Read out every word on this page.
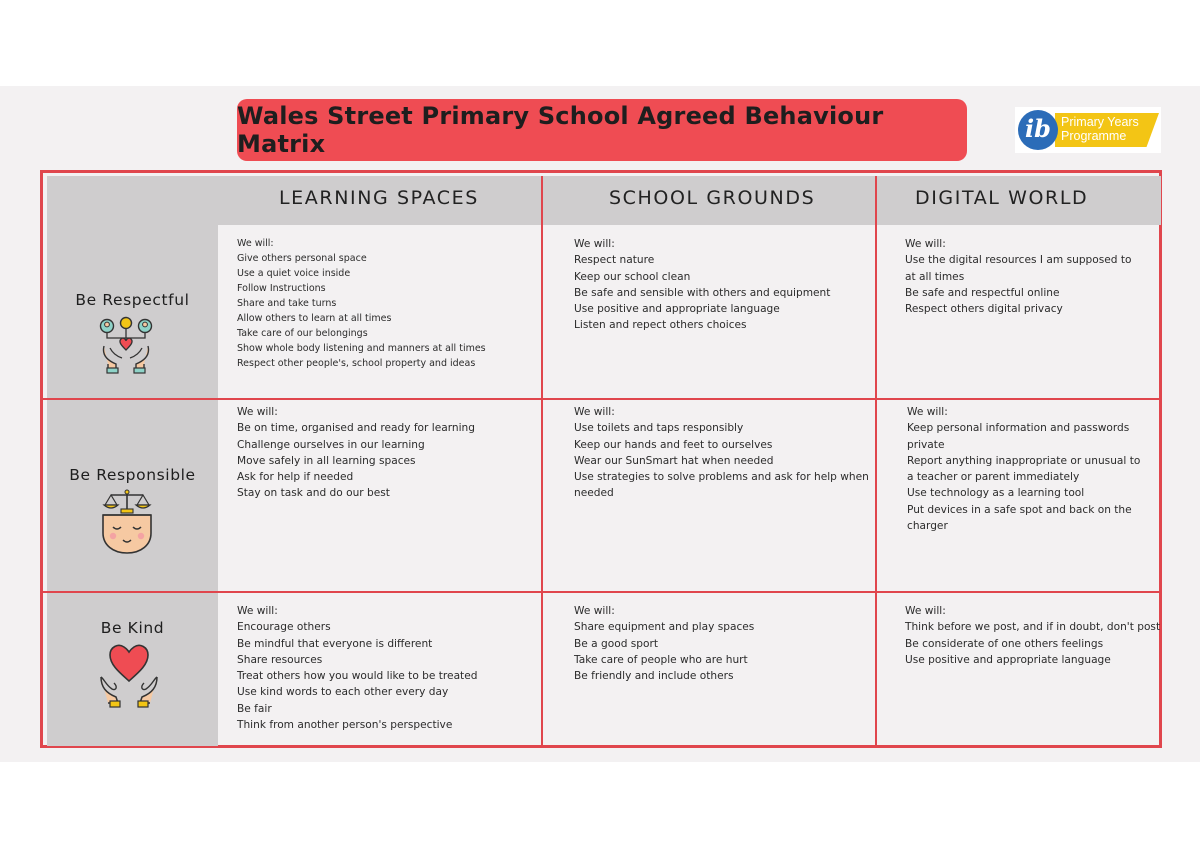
Wales Street Primary School Agreed Behaviour Matrix
ib Primary Years
Programme
LEARNING SPACES	SCHOOL GROUNDS	DIGITAL WORLD
Be Respectful
Be Responsible
Be Kind
We will:
Give others personal space
Use a quiet voice inside
Follow Instructions
Share and take turns
Allow others to learn at all times
Take care of our belongings
Show whole body listening and manners at all times
Respect other people's, school property and ideas
We will:
Respect nature
Keep our school clean
Be safe and sensible with others and equipment
Use positive and appropriate language
Listen and repect others choices
We will:
Use the digital resources I am supposed to
at all times
Be safe and respectful online
Respect others digital privacy
We will:
Be on time, organised and ready for learning
Challenge ourselves in our learning
Move safely in all learning spaces
Ask for help if needed
Stay on task and do our best
We will:
Use toilets and taps responsibly
Keep our hands and feet to ourselves
Wear our SunSmart hat when needed
Use strategies to solve problems and ask for help when
needed
We will:
Keep personal information and passwords
private
Report anything inappropriate or unusual to
a teacher or parent immediately
Use technology as a learning tool
Put devices in a safe spot and back on the
charger
We will:
Encourage others
Be mindful that everyone is different
Share resources
Treat others how you would like to be treated
Use kind words to each other every day
Be fair
Think from another person's perspective
We will:
Share equipment and play spaces
Be a good sport
Take care of people who are hurt
Be friendly and include others
We will:
Think before we post, and if in doubt, don't post
Be considerate of one others feelings
Use positive and appropriate language
